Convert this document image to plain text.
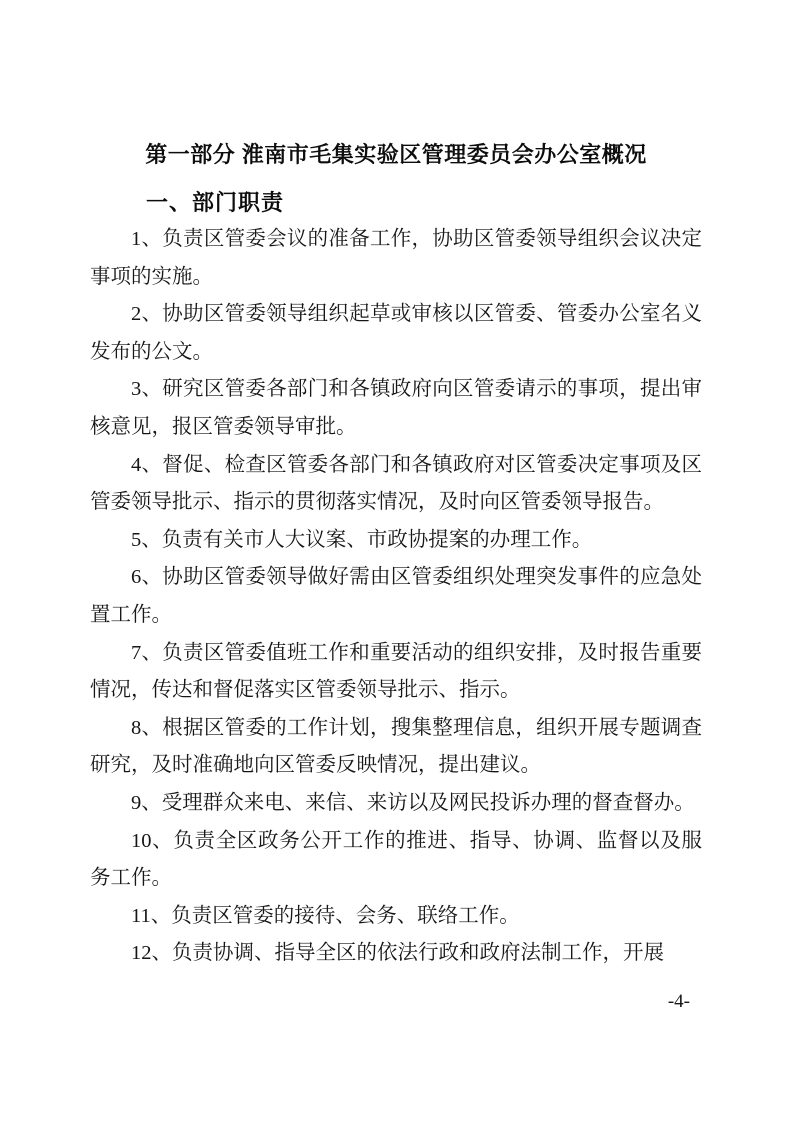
第一部分 淮南市毛集实验区管理委员会办公室概况
一、部门职责

1、负责区管委会议的准备工作，协助区管委领导组织会议决定事项的实施。

2、协助区管委领导组织起草或审核以区管委、管委办公室名义发布的公文。

3、研究区管委各部门和各镇政府向区管委请示的事项，提出审核意见，报区管委领导审批。

4、督促、检查区管委各部门和各镇政府对区管委决定事项及区管委领导批示、指示的贯彻落实情况，及时向区管委领导报告。

5、负责有关市人大议案、市政协提案的办理工作。

6、协助区管委领导做好需由区管委组织处理突发事件的应急处置工作。

7、负责区管委值班工作和重要活动的组织安排，及时报告重要情况，传达和督促落实区管委领导批示、指示。

8、根据区管委的工作计划，搜集整理信息，组织开展专题调查研究，及时准确地向区管委反映情况，提出建议。

9、受理群众来电、来信、来访以及网民投诉办理的督查督办。

10、负责全区政务公开工作的推进、指导、协调、监督以及服务工作。

11、负责区管委的接待、会务、联络工作。

12、负责协调、指导全区的依法行政和政府法制工作，开展

-4-
